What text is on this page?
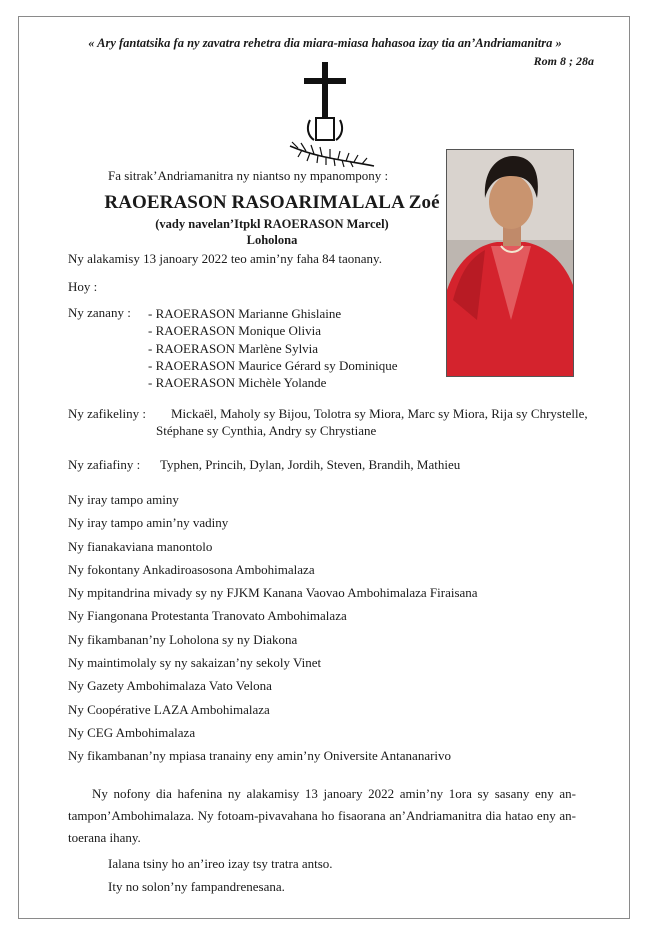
« Ary fantatsika fa ny zavatra rehetra dia miara-miasa hahasoa izay tia an’Andriamanitra »
Rom 8 ; 28a
Fa sitrak’Andriamanitra ny niantso ny mpanompony :
RAOERASON RASOARIMALALA Zoé
(vady navelan’Itpkl RAOERASON Marcel)
Loholona
Ny alakamisy 13 janoary 2022 teo amin’ny faha 84 taonany.
Hoy :
Ny zanany : - RAOERASON Marianne Ghislaine
- RAOERASON Monique Olivia
- RAOERASON Marlène Sylvia
- RAOERASON Maurice Gérard sy Dominique
- RAOERASON Michèle Yolande
Ny zafikeliny : Mickaël, Maholy sy Bijou, Tolotra sy Miora, Marc sy Miora, Rija sy Chrystelle,
Stéphane sy Cynthia, Andry sy Chrystiane
Ny zafiafiny : Typhen, Princih, Dylan, Jordih, Steven, Brandih, Mathieu
Ny iray tampo aminy
Ny iray tampo amin’ny vadiny
Ny fianakaviana manontolo
Ny fokontany Ankadiroasosona Ambohimalaza
Ny mpitandrina mivady sy ny FJKM Kanana Vaovao Ambohimalaza Firaisana
Ny Fiangonana Protestanta Tranovato Ambohimalaza
Ny fikambanan’ny Loholona sy ny Diakona
Ny maintimolaly sy ny sakaizan’ny sekoly Vinet
Ny Gazety Ambohimalaza Vato Velona
Ny Coopérative LAZA Ambohimalaza
Ny CEG Ambohimalaza
Ny fikambanan’ny mpiasa tranainy eny amin’ny Oniversite Antananarivo
Ny nofony dia hafenina ny alakamisy 13 janoary 2022 amin’ny 1ora sy sasany eny an-tampon’Ambohimalaza. Ny fotoam-pivavahana ho fisaorana an’Andriamanitra dia hatao eny an-toerana ihany.
Ialana tsiny ho an’ireo izay tsy tratra antso.
Ity no solon’ny fampandrenesana.
